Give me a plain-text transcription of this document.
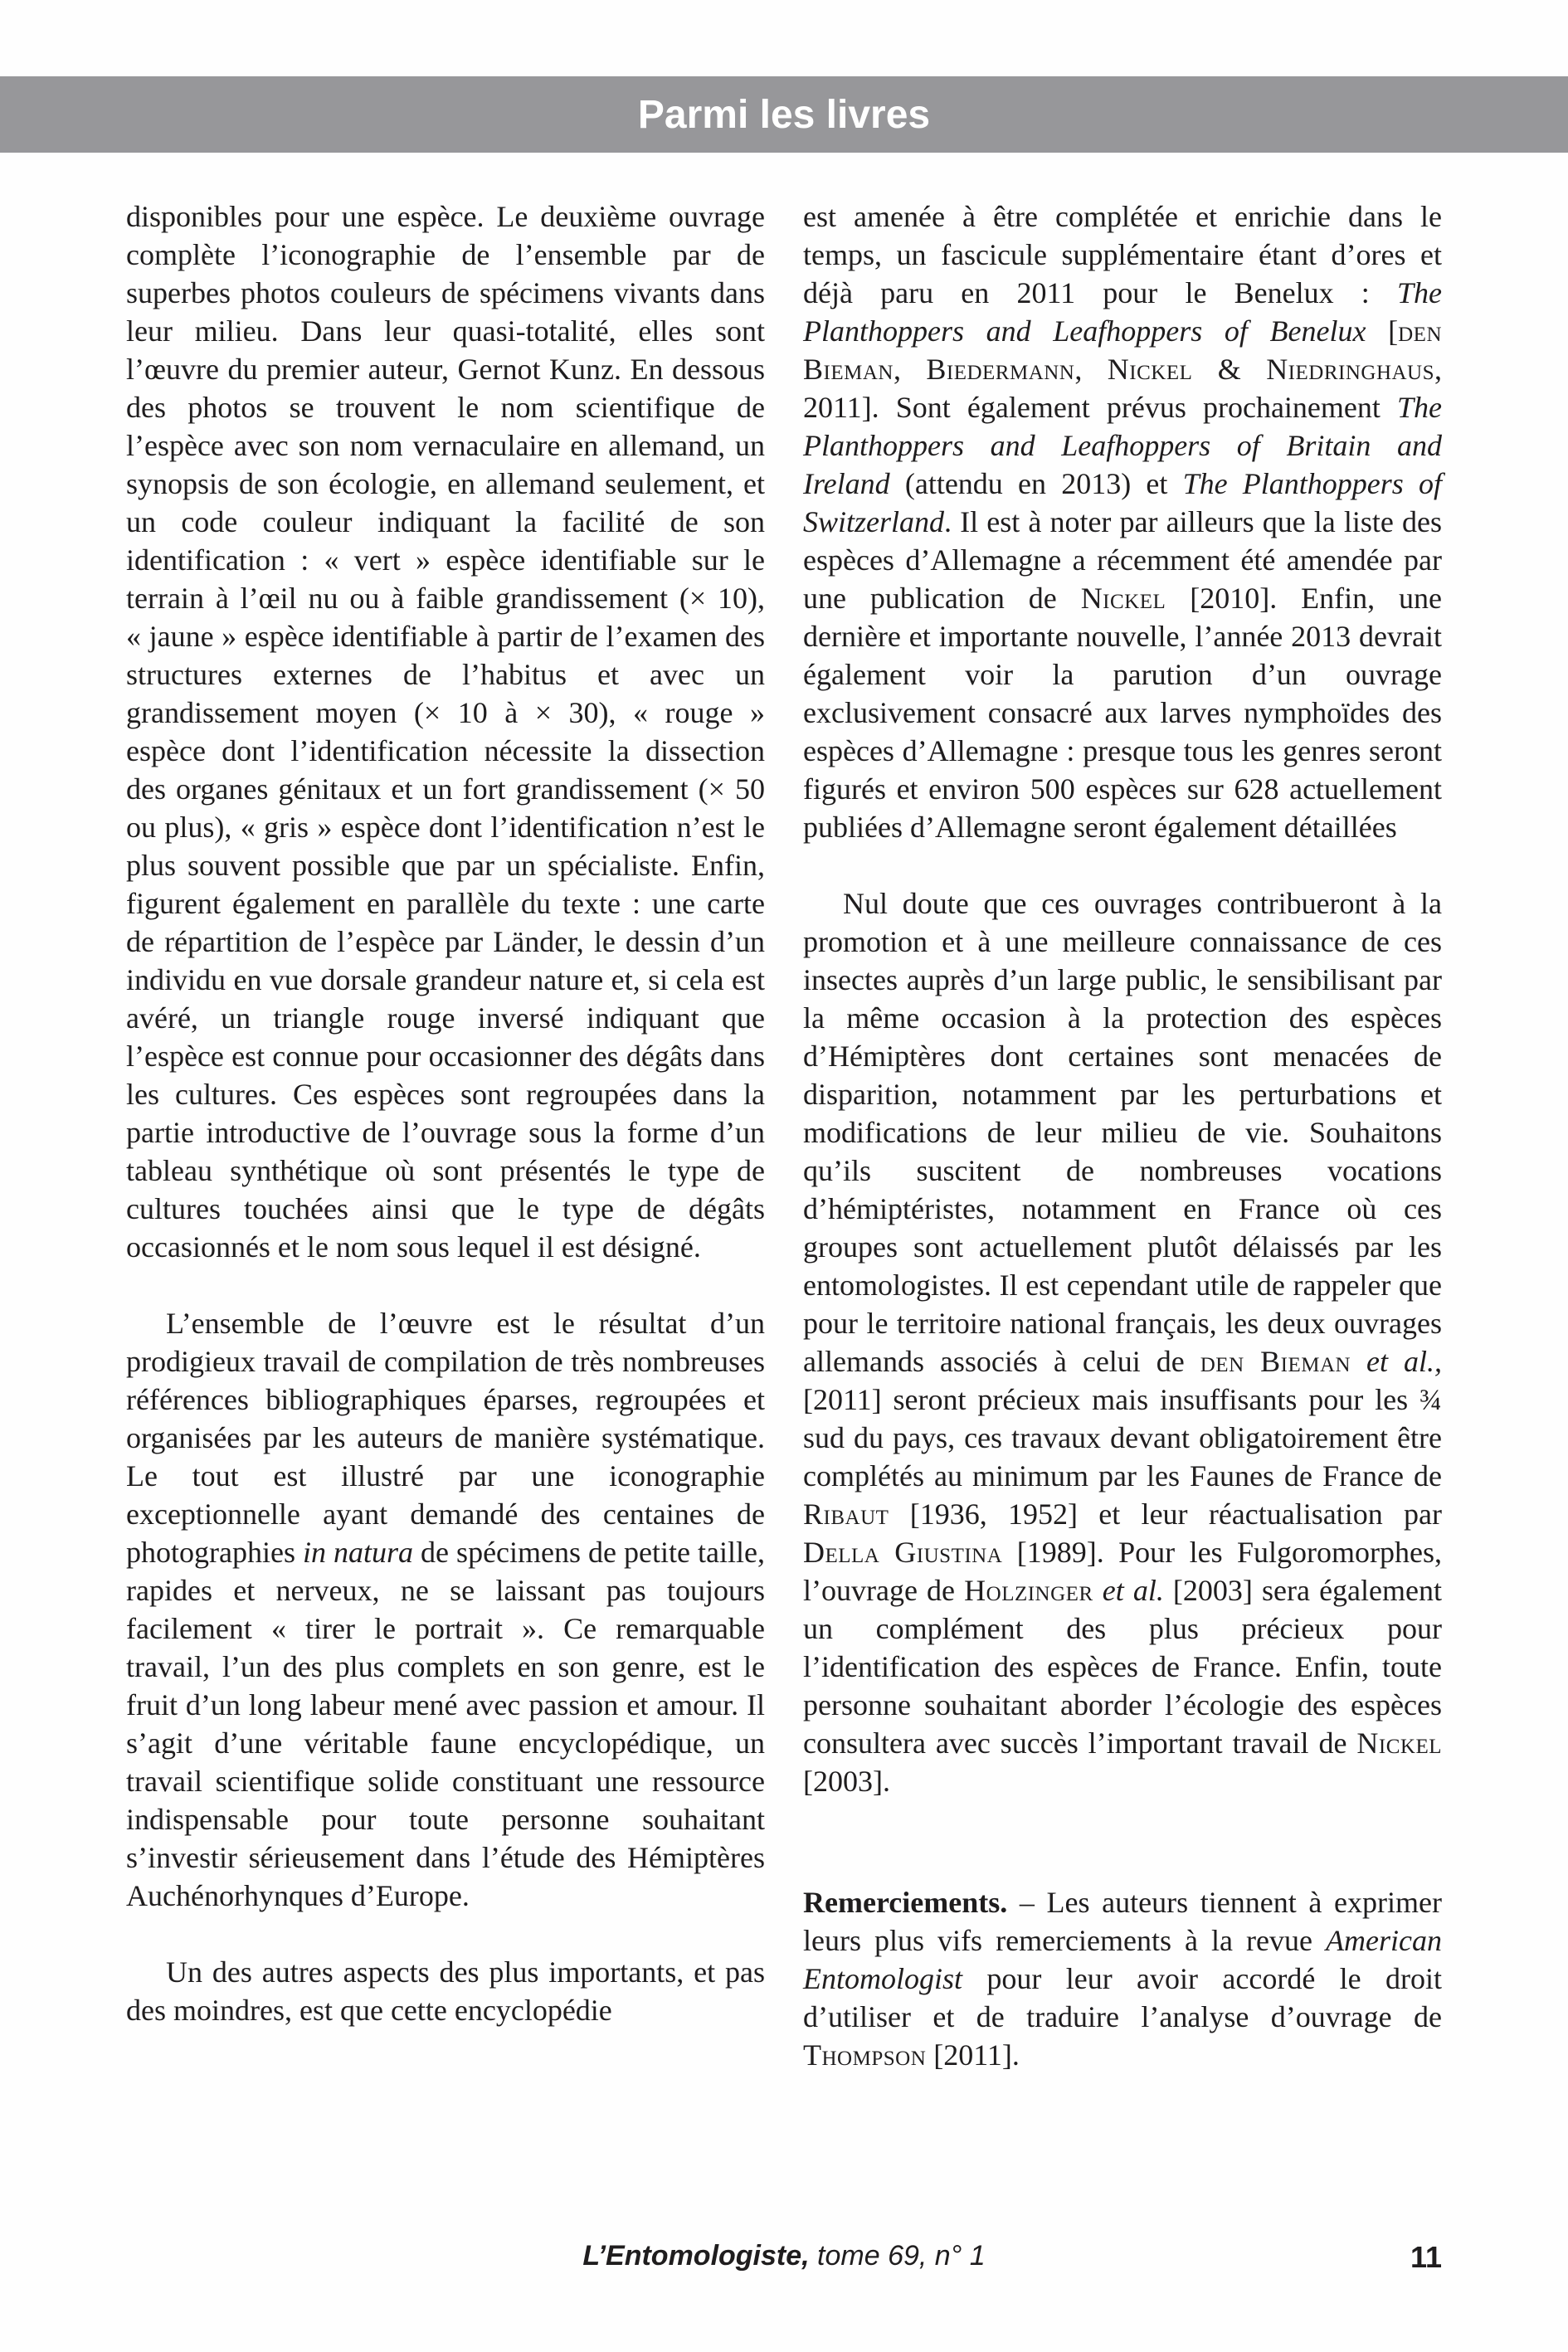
Parmi les livres

disponibles pour une espèce. Le deuxième ouvrage complète l’iconographie de l’ensemble par de superbes photos couleurs de spécimens vivants dans leur milieu. Dans leur quasi-totalité, elles sont l’œuvre du premier auteur, Gernot Kunz. En dessous des photos se trouvent le nom scientifique de l’espèce avec son nom vernaculaire en allemand, un synopsis de son écologie, en allemand seulement, et un code couleur indiquant la facilité de son identification : « vert » espèce identifiable sur le terrain à l’œil nu ou à faible grandissement (× 10), « jaune » espèce identifiable à partir de l’examen des structures externes de l’habitus et avec un grandissement moyen (× 10 à × 30), « rouge » espèce dont l’identification nécessite la dissection des organes génitaux et un fort grandissement (× 50 ou plus), « gris » espèce dont l’identification n’est le plus souvent possible que par un spécialiste. Enfin, figurent également en parallèle du texte : une carte de répartition de l’espèce par Länder, le dessin d’un individu en vue dorsale grandeur nature et, si cela est avéré, un triangle rouge inversé indiquant que l’espèce est connue pour occasionner des dégâts dans les cultures. Ces espèces sont regroupées dans la partie introductive de l’ouvrage sous la forme d’un tableau synthétique où sont présentés le type de cultures touchées ainsi que le type de dégâts occasionnés et le nom sous lequel il est désigné.

L’ensemble de l’œuvre est le résultat d’un prodigieux travail de compilation de très nombreuses références bibliographiques éparses, regroupées et organisées par les auteurs de manière systématique. Le tout est illustré par une iconographie exceptionnelle ayant demandé des centaines de photographies in natura de spécimens de petite taille, rapides et nerveux, ne se laissant pas toujours facilement « tirer le portrait ». Ce remarquable travail, l’un des plus complets en son genre, est le fruit d’un long labeur mené avec passion et amour. Il s’agit d’une véritable faune encyclopédique, un travail scientifique solide constituant une ressource indispensable pour toute personne souhaitant s’investir sérieusement dans l’étude des Hémiptères Auchénorhynques d’Europe.

Un des autres aspects des plus importants, et pas des moindres, est que cette encyclopédie

est amenée à être complétée et enrichie dans le temps, un fascicule supplémentaire étant d’ores et déjà paru en 2011 pour le Benelux : The Planthoppers and Leafhoppers of Benelux [den Bieman, Biedermann, Nickel & Niedringhaus, 2011]. Sont également prévus prochainement The Planthoppers and Leafhoppers of Britain and Ireland (attendu en 2013) et The Planthoppers of Switzerland. Il est à noter par ailleurs que la liste des espèces d’Allemagne a récemment été amendée par une publication de Nickel [2010]. Enfin, une dernière et importante nouvelle, l’année 2013 devrait également voir la parution d’un ouvrage exclusivement consacré aux larves nymphoïdes des espèces d’Allemagne : presque tous les genres seront figurés et environ 500 espèces sur 628 actuellement publiées d’Allemagne seront également détaillées

Nul doute que ces ouvrages contribueront à la promotion et à une meilleure connaissance de ces insectes auprès d’un large public, le sensibilisant par la même occasion à la protection des espèces d’Hémiptères dont certaines sont menacées de disparition, notamment par les perturbations et modifications de leur milieu de vie. Souhaitons qu’ils suscitent de nombreuses vocations d’hémiptéristes, notamment en France où ces groupes sont actuellement plutôt délaissés par les entomologistes. Il est cependant utile de rappeler que pour le territoire national français, les deux ouvrages allemands associés à celui de den Bieman et al., [2011] seront précieux mais insuffisants pour les ¾ sud du pays, ces travaux devant obligatoirement être complétés au minimum par les Faunes de France de Ribaut [1936, 1952] et leur réactualisation par Della Giustina [1989]. Pour les Fulgoromorphes, l’ouvrage de Holzinger et al. [2003] sera également un complément des plus précieux pour l’identification des espèces de France. Enfin, toute personne souhaitant aborder l’écologie des espèces consultera avec succès l’important travail de Nickel [2003].

Remerciements. – Les auteurs tiennent à exprimer leurs plus vifs remerciements à la revue American Entomologist pour leur avoir accordé le droit d’utiliser et de traduire l’analyse d’ouvrage de Thompson [2011].

L’Entomologiste, tome 69, n° 1	11
